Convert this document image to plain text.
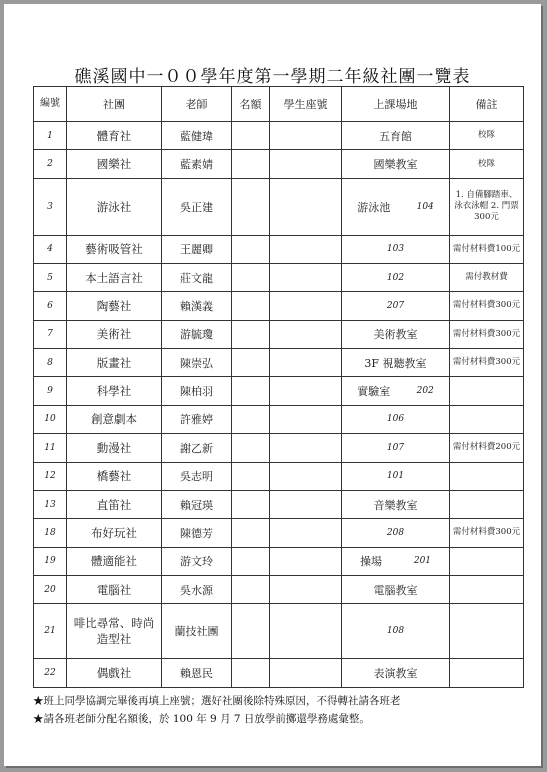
礁溪國中一００學年度第一學期二年級社團一覽表
編號	社團	老師	名額	學生座號	上課場地	備註
1	體育社	藍健瑋			五育館	校隊
2	國樂社	藍素婧			國樂教室	校隊
3	游泳社	吳正建			游泳池 104	1. 自備腳踏車、泳衣泳帽 2. 門票300元
4	藝術吸管社	王麗卿			103	需付材料費100元
5	本土語言社	莊文龍			102	需付教材費
6	陶藝社	賴漢義			207	需付材料費300元
7	美術社	游毓瓊			美術教室	需付材料費300元
8	版畫社	陳崇弘			3F 視聽教室	需付材料費300元
9	科學社	陳柏羽			實驗室 202	

10	創意劇本	許雅婷			106	
11	動漫社	謝乙新			107	需付材料費200元
12	橋藝社	吳志明			101	
13	直笛社	賴冠瑛			音樂教室	
18	布好玩社	陳德芳			208	需付材料費300元
19	體適能社	游文玲			操場 201	

20	電腦社	吳水源			電腦教室	
21	啡比尋常、時尚造型社	蘭技社團			108	
22	偶戲社	賴恩民			表演教室	
★班上同學協調完畢後再填上座號；選好社團後除特殊原因，不得轉社請各班老
★請各班老師分配名額後，於 100 年 9 月 7 日放學前擲還學務處彙整。
